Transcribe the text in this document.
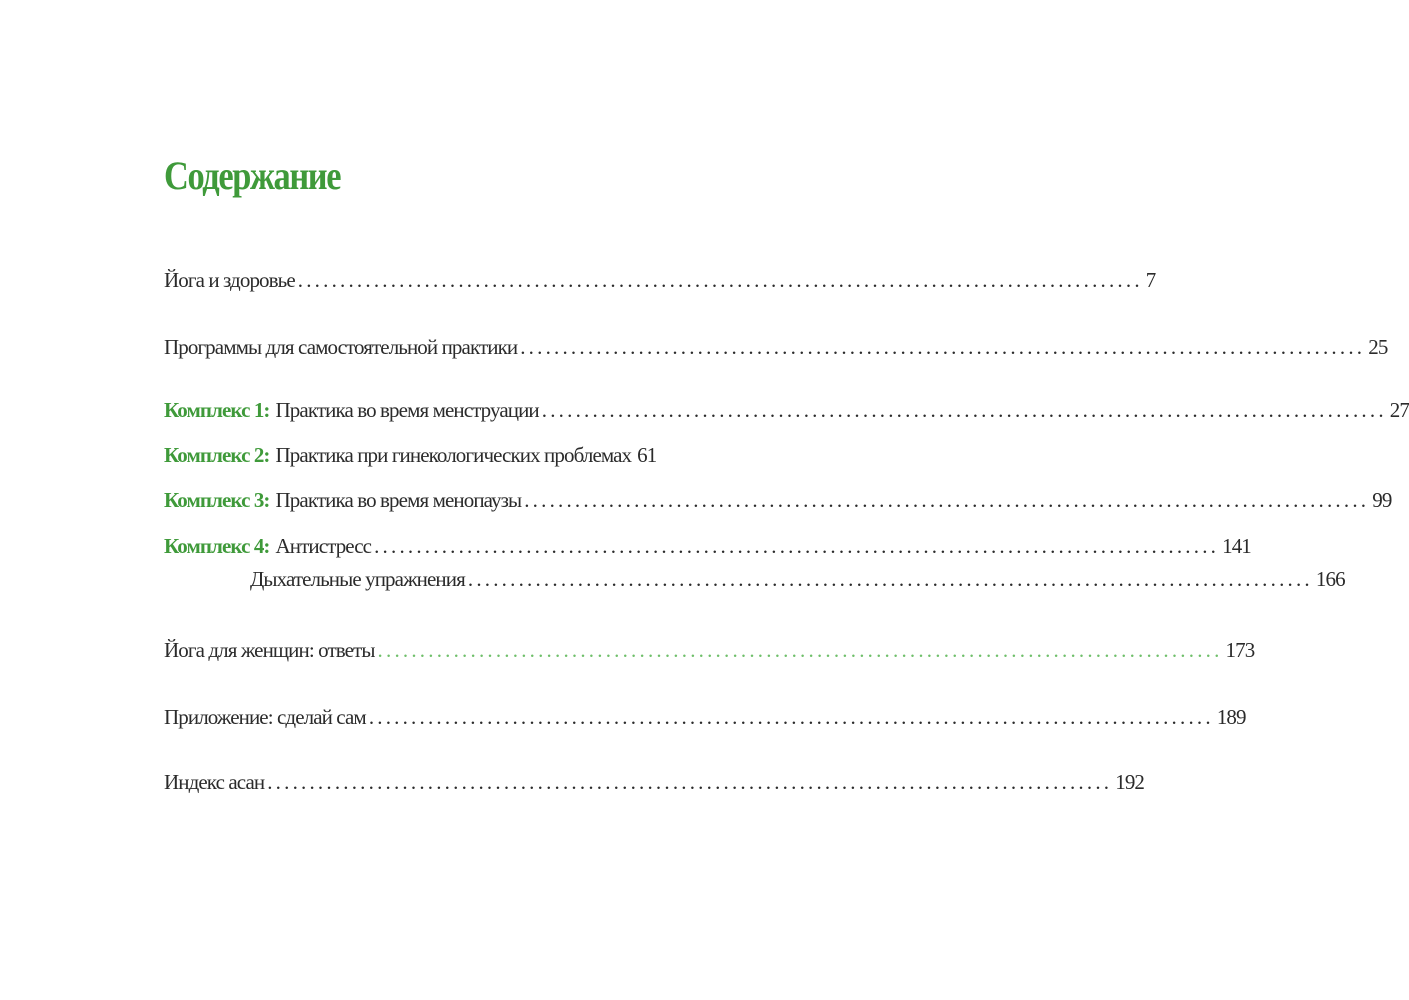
Содержание
Йога и здоровье .................................................................................................... 7
Программы для самостоятельной практики .................................................................................................... 25
Комплекс 1: Практика во время менструации .................................................................................................... 27
Комплекс 2: Практика при гинекологических проблемах 61
Комплекс 3: Практика во время менопаузы .................................................................................................... 99
Комплекс 4: Антистресс .................................................................................................... 141
Дыхательные упражнения .................................................................................................... 166
Йога для женщин: ответы .................................................................................................... 173
Приложение: сделай сам .................................................................................................... 189
Индекс асан .................................................................................................... 192
